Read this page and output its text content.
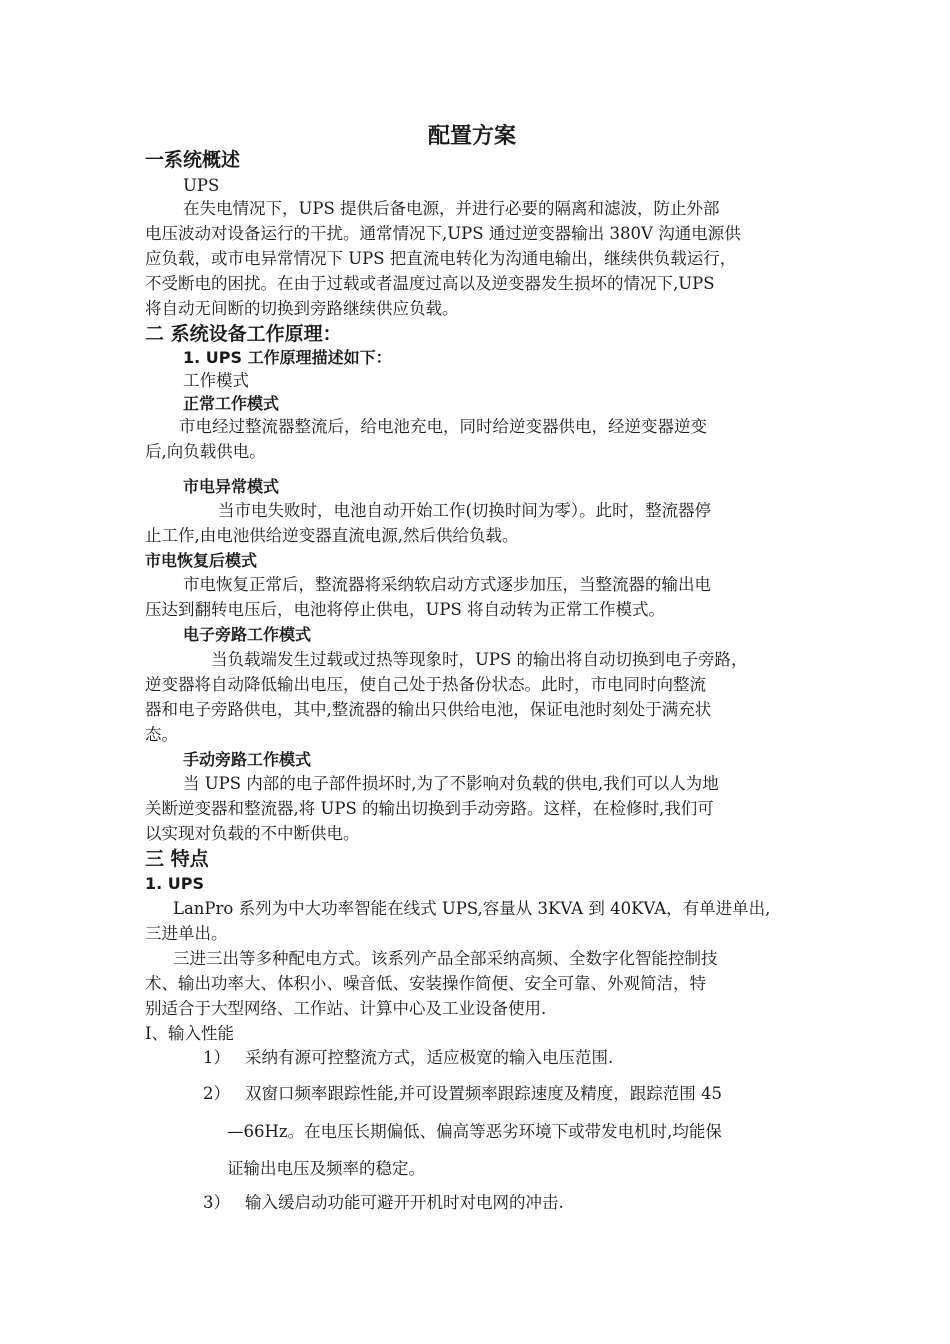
配置方案
一系统概述
UPS
在失电情况下，UPS 提供后备电源，并进行必要的隔离和滤波，防止外部
电压波动对设备运行的干扰。通常情况下,UPS 通过逆变器输出 380V 沟通电源供
应负载，或市电异常情况下 UPS 把直流电转化为沟通电输出，继续供负载运行，
不受断电的困扰。在由于过载或者温度过高以及逆变器发生损坏的情况下,UPS
将自动无间断的切换到旁路继续供应负载。
二 系统设备工作原理：
1. UPS 工作原理描述如下：
工作模式
正常工作模式
市电经过整流器整流后，给电池充电，同时给逆变器供电，经逆变器逆变
后,向负载供电。
市电异常模式
当市电失败时，电池自动开始工作(切换时间为零）。此时，整流器停
止工作,由电池供给逆变器直流电源,然后供给负载。
市电恢复后模式
市电恢复正常后，整流器将采纳软启动方式逐步加压，当整流器的输出电
压达到翻转电压后，电池将停止供电，UPS 将自动转为正常工作模式。
电子旁路工作模式
当负载端发生过载或过热等现象时，UPS 的输出将自动切换到电子旁路，
逆变器将自动降低输出电压，使自己处于热备份状态。此时，市电同时向整流
器和电子旁路供电，其中,整流器的输出只供给电池，保证电池时刻处于满充状
态。
手动旁路工作模式
当 UPS 内部的电子部件损坏时,为了不影响对负载的供电,我们可以人为地
关断逆变器和整流器,将 UPS 的输出切换到手动旁路。这样，在检修时,我们可
以实现对负载的不中断供电。
三 特点
1. UPS
LanPro 系列为中大功率智能在线式 UPS,容量从 3KVA 到 40KVA，有单进单出,
三进单出。
三进三出等多种配电方式。该系列产品全部采纳高频、全数字化智能控制技
术、输出功率大、体积小、噪音低、安装操作简便、安全可靠、外观简洁，特
别适合于大型网络、工作站、计算中心及工业设备使用.
Ⅰ、输入性能
1） 采纳有源可控整流方式，适应极宽的输入电压范围.
2） 双窗口频率跟踪性能,并可设置频率跟踪速度及精度，跟踪范围 45
—66Hz。在电压长期偏低、偏高等恶劣环境下或带发电机时,均能保
证输出电压及频率的稳定。
3） 输入缓启动功能可避开开机时对电网的冲击.
